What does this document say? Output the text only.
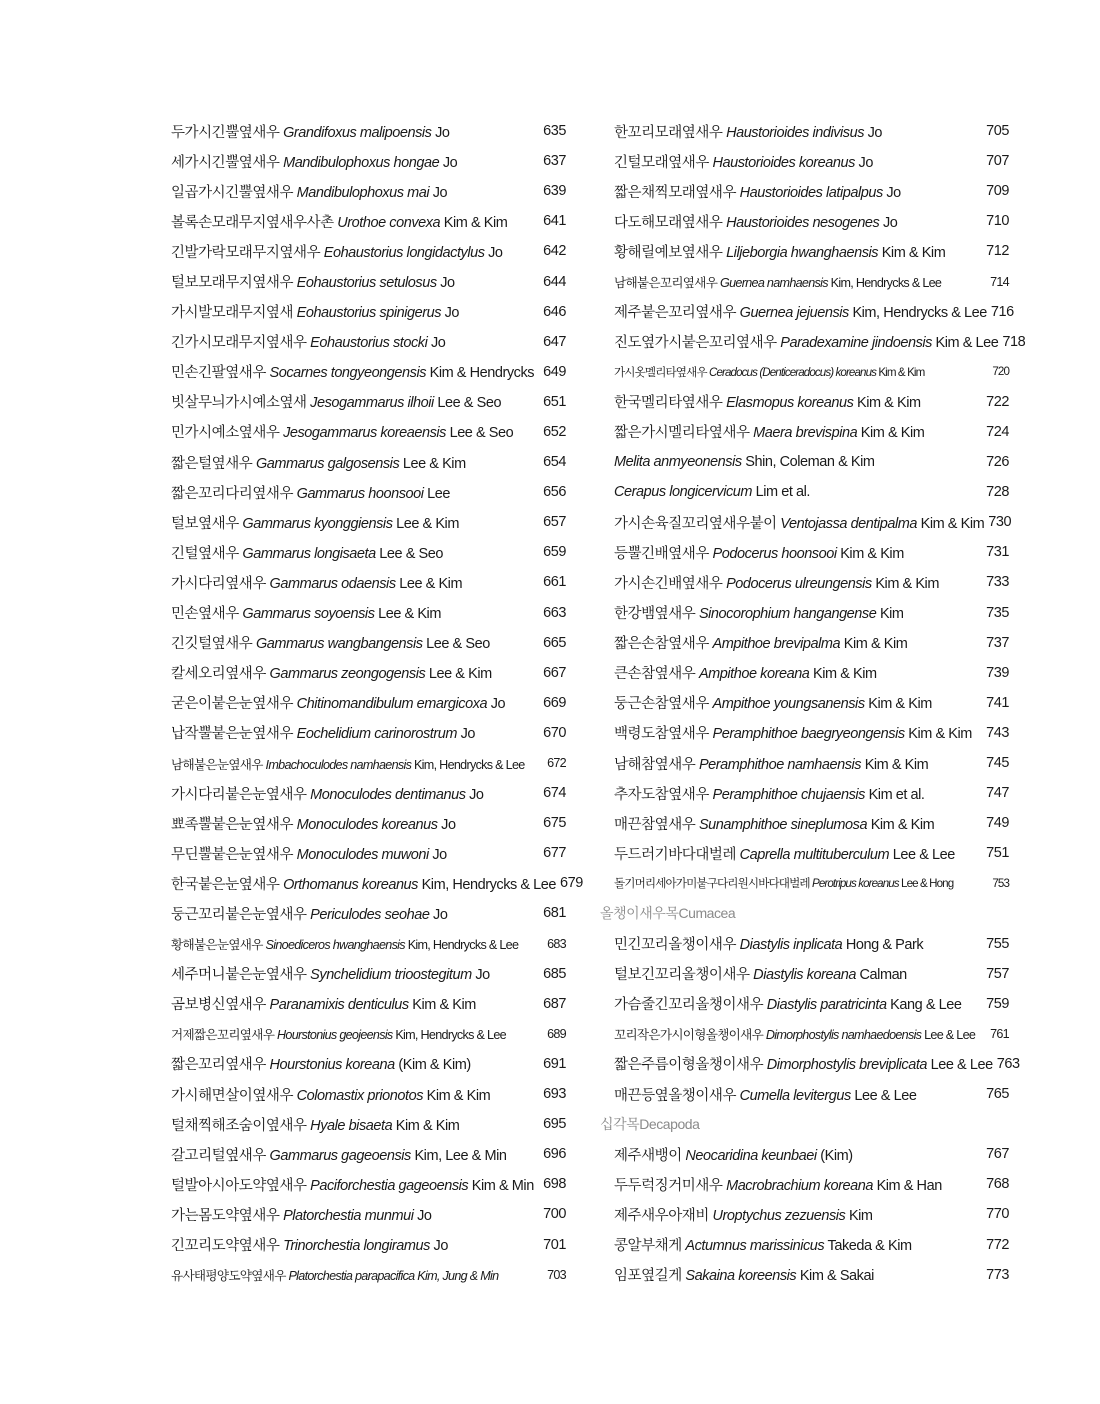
두가시긴뿔옆새우 Grandifoxus malipoensis Jo	635
세가시긴뿔옆새우 Mandibulophoxus hongae Jo	637
일곱가시긴뿔옆새우 Mandibulophoxus mai Jo	639
볼록손모래무지옆새우사촌 Urothoe convexa Kim & Kim	641
긴발가락모래무지옆새우 Eohaustorius longidactylus Jo	642
털보모래무지옆새우 Eohaustorius setulosus Jo	644
가시발모래무지옆새 Eohaustorius spinigerus Jo	646
긴가시모래무지옆새우 Eohaustorius stocki Jo	647
민손긴팔옆새우 Socarnes tongyeongensis Kim & Hendrycks 649
빗살무늬가시예소옆새 Jesogammarus ilhoii Lee & Seo	651
민가시예소옆새우 Jesogammarus koreaensis Lee & Seo	652
짧은털옆새우 Gammarus galgosensis Lee & Kim	654
짧은꼬리다리옆새우 Gammarus hoonsooi Lee	656
털보옆새우 Gammarus kyonggiensis Lee & Kim	657
긴털옆새우 Gammarus longisaeta Lee & Seo	659
가시다리옆새우 Gammarus odaensis Lee & Kim	661
민손옆새우 Gammarus soyoensis Lee & Kim	663
긴깃털옆새우 Gammarus wangbangensis Lee & Seo	665
칼세오리옆새우 Gammarus zeongogensis Lee & Kim	667
굳은이붙은눈옆새우 Chitinomandibulum emargicoxa Jo	669
납작뿔붙은눈옆새우 Eochelidium carinorostrum Jo	670
남해붙은눈옆새우 Imbachoculodes namhaensis Kim, Hendrycks & Lee	672
가시다리붙은눈옆새우 Monoculodes dentimanus Jo	674
뾰족뿔붙은눈옆새우 Monoculodes koreanus Jo	675
무딘뿔붙은눈옆새우 Monoculodes muwoni Jo	677
한국붙은눈옆새우 Orthomanus koreanus Kim, Hendrycks & Lee 679
둥근꼬리붙은눈옆새우 Periculodes seohae Jo	681
황해붙은눈옆새우 Sinoediceros hwanghaensis Kim, Hendrycks & Lee	683
세주머니붙은눈옆새우 Synchelidium trioostegitum Jo	685
곰보병신옆새우 Paranamixis denticulus Kim & Kim	687
거제짧은꼬리옆새우 Hourstonius geojeensis Kim, Hendrycks & Lee	689
짧은꼬리옆새우 Hourstonius koreana (Kim & Kim)	691
가시해면살이옆새우 Colomastix prionotos Kim & Kim	693
털채찍해조숨이옆새우 Hyale bisaeta Kim & Kim	695
갈고리털옆새우 Gammarus gageoensis Kim, Lee & Min	696
털발아시아도약옆새우 Paciforchestia gageoensis Kim & Min 698
가는몸도약옆새우 Platorchestia munmui Jo	700
긴꼬리도약옆새우 Trinorchestia longiramus Jo	701
유사태평양도약옆새우 Platorchestia parapacifica Kim, Jung & Min	703
한꼬리모래옆새우 Haustorioides indivisus Jo	705
긴털모래옆새우 Haustorioides koreanus Jo	707
짧은채찍모래옆새우 Haustorioides latipalpus Jo	709
다도해모래옆새우 Haustorioides nesogenes Jo	710
황해릴예보옆새우 Liljeborgia hwanghaensis Kim & Kim	712
남해붙은꼬리옆새우 Guernea namhaensis Kim, Hendrycks & Lee	714
제주붙은꼬리옆새우 Guernea jejuensis Kim, Hendrycks & Lee 716
진도옆가시붙은꼬리옆새우 Paradexamine jindoensis Kim & Lee 718
가시옷멜리타옆새우 Ceradocus (Denticeradocus) koreanus Kim & Kim	720
한국멜리타옆새우 Elasmopus koreanus Kim & Kim	722
짧은가시멜리타옆새우 Maera brevispina Kim & Kim	724
Melita anmyeonensis Shin, Coleman & Kim	726
Cerapus longicervicum Lim et al.	728
가시손육질꼬리옆새우붙이 Ventojassa dentipalma Kim & Kim 730
등뿔긴배옆새우 Podocerus hoonsooi Kim & Kim	731
가시손긴배옆새우 Podocerus ulreungensis Kim & Kim	733
한강뱀옆새우 Sinocorophium hangangense Kim	735
짧은손참옆새우 Ampithoe brevipalma Kim & Kim	737
큰손참옆새우 Ampithoe koreana Kim & Kim	739
둥근손참옆새우 Ampithoe youngsanensis Kim & Kim	741
백령도참옆새우 Peramphithoe baegryeongensis Kim & Kim 743
남해참옆새우 Peramphithoe namhaensis Kim & Kim	745
추자도참옆새우 Peramphithoe chujaensis Kim et al.	747
매끈참옆새우 Sunamphithoe sineplumosa Kim & Kim	749
두드러기바다대벌레 Caprella multituberculum Lee & Lee	751
돌기머리세아가미붙구다리원시바다대벌레 Perotripus koreanus Lee & Hong	753
올챙이새우목 Cumacea
민긴꼬리올챙이새우 Diastylis inplicata Hong & Park	755
털보긴꼬리올챙이새우 Diastylis koreana Calman	757
가슴줄긴꼬리올챙이새우 Diastylis paratricinta Kang & Lee	759
꼬리작은가시이형올챙이새우 Dimorphostylis namhaedoensis Lee & Lee	761
짧은주름이형올챙이새우 Dimorphostylis breviplicata Lee & Lee 763
매끈등옆올챙이새우 Cumella levitergus Lee & Lee	765
십각목 Decapoda
제주새뱅이 Neocaridina keunbaei (Kim)	767
두두럭징거미새우 Macrobrachium koreana Kim & Han	768
제주새우아재비 Uroptychus zezuensis Kim	770
콩알부채게 Actumnus marissinicus Takeda & Kim	772
임포옆길게 Sakaina koreensis Kim & Sakai	773
